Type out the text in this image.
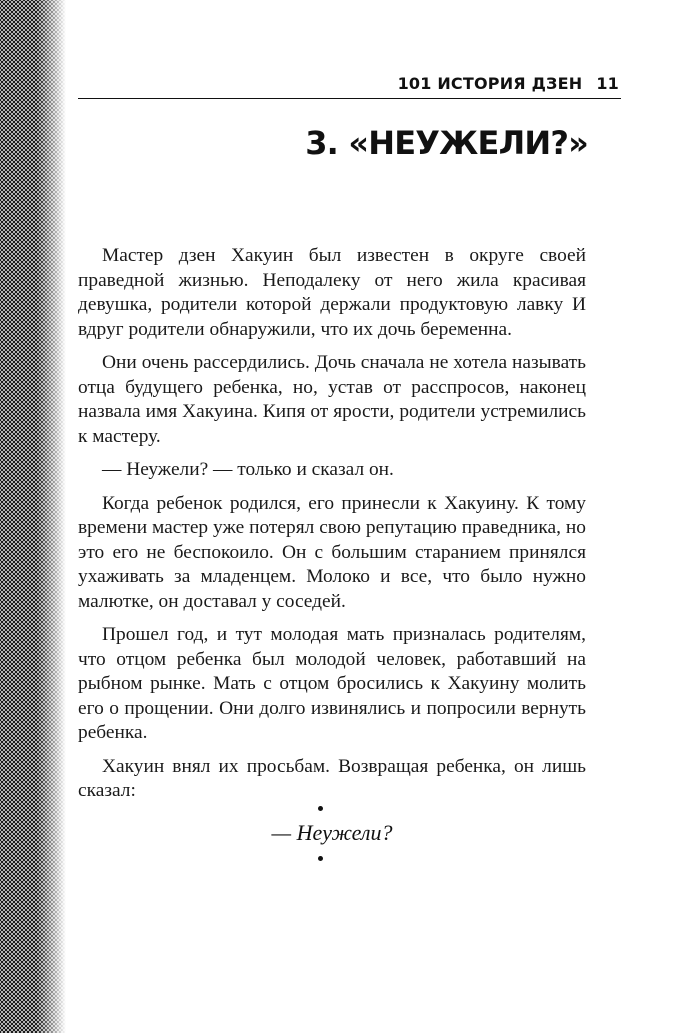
101 ИСТОРИЯ ДЗЕН 11
3. «НЕУЖЕЛИ?»

Мастер дзен Хакуин был известен в округе своей праведной жизнью. Неподалеку от него жила красивая девушка, родители которой держали продуктовую лавку И вдруг родители обнаружили, что их дочь беременна.

Они очень рассердились. Дочь сначала не хотела называть отца будущего ребенка, но, устав от расспросов, наконец назвала имя Хакуина. Кипя от ярости, родители устремились к мастеру.

— Неужели? — только и сказал он.

Когда ребенок родился, его принесли к Хакуину. К тому времени мастер уже потерял свою репутацию праведника, но это его не беспокоило. Он с большим старанием принялся ухаживать за младенцем. Молоко и все, что было нужно малютке, он доставал у соседей.

Прошел год, и тут молодая мать призналась родителям, что отцом ребенка был молодой человек, работавший на рыбном рынке. Мать с отцом бросились к Хакуину молить его о прощении. Они долго извинялись и попросили вернуть ребенка.

Хакуин внял их просьбам. Возвращая ребенка, он лишь сказал:

— Неужели?
